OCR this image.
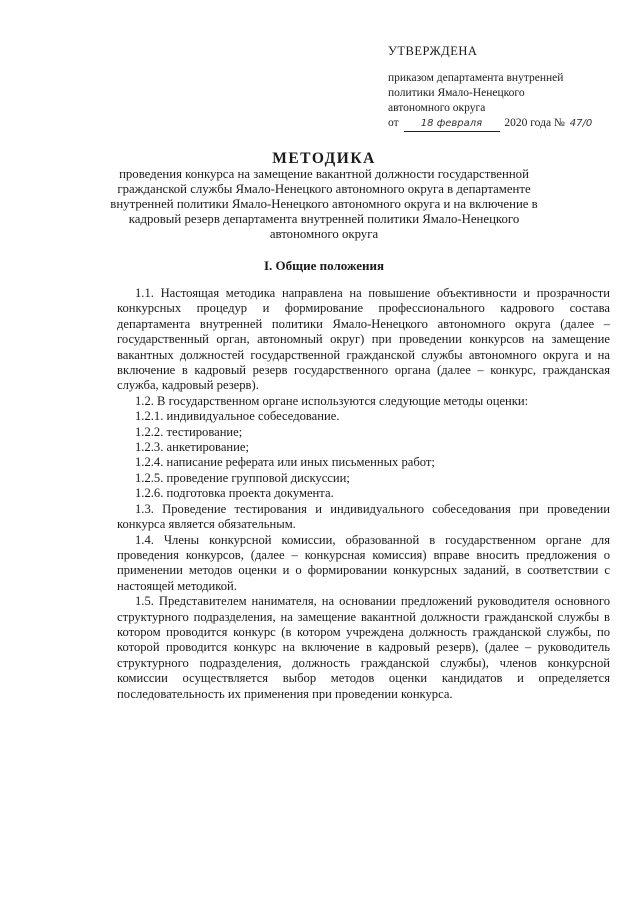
УТВЕРЖДЕНА
приказом департамента внутренней
политики Ямало-Ненецкого
автономного округа
от 18 февраля 2020 года № 47/0
МЕТОДИКА
проведения конкурса на замещение вакантной должности государственной гражданской службы Ямало-Ненецкого автономного округа в департаменте внутренней политики Ямало-Ненецкого автономного округа и на включение в кадровый резерв департамента внутренней политики Ямало-Ненецкого автономного округа
I. Общие положения

1.1. Настоящая методика направлена на повышение объективности и прозрачности конкурсных процедур и формирование профессионального кадрового состава департамента внутренней политики Ямало-Ненецкого автономного округа (далее – государственный орган, автономный округ) при проведении конкурсов на замещение вакантных должностей государственной гражданской службы автономного округа и на включение в кадровый резерв государственного органа (далее – конкурс, гражданская служба, кадровый резерв).

1.2. В государственном органе используются следующие методы оценки:

1.2.1. индивидуальное собеседование.

1.2.2. тестирование;

1.2.3. анкетирование;

1.2.4. написание реферата или иных письменных работ;

1.2.5. проведение групповой дискуссии;

1.2.6. подготовка проекта документа.

1.3. Проведение тестирования и индивидуального собеседования при проведении конкурса является обязательным.

1.4. Члены конкурсной комиссии, образованной в государственном органе для проведения конкурсов, (далее – конкурсная комиссия) вправе вносить предложения о применении методов оценки и о формировании конкурсных заданий, в соответствии с настоящей методикой.

1.5. Представителем нанимателя, на основании предложений руководителя основного структурного подразделения, на замещение вакантной должности гражданской службы в котором проводится конкурс (в котором учреждена должность гражданской службы, по которой проводится конкурс на включение в кадровый резерв), (далее – руководитель структурного подразделения, должность гражданской службы), членов конкурсной комиссии осуществляется выбор методов оценки кандидатов и определяется последовательность их применения при проведении конкурса.
